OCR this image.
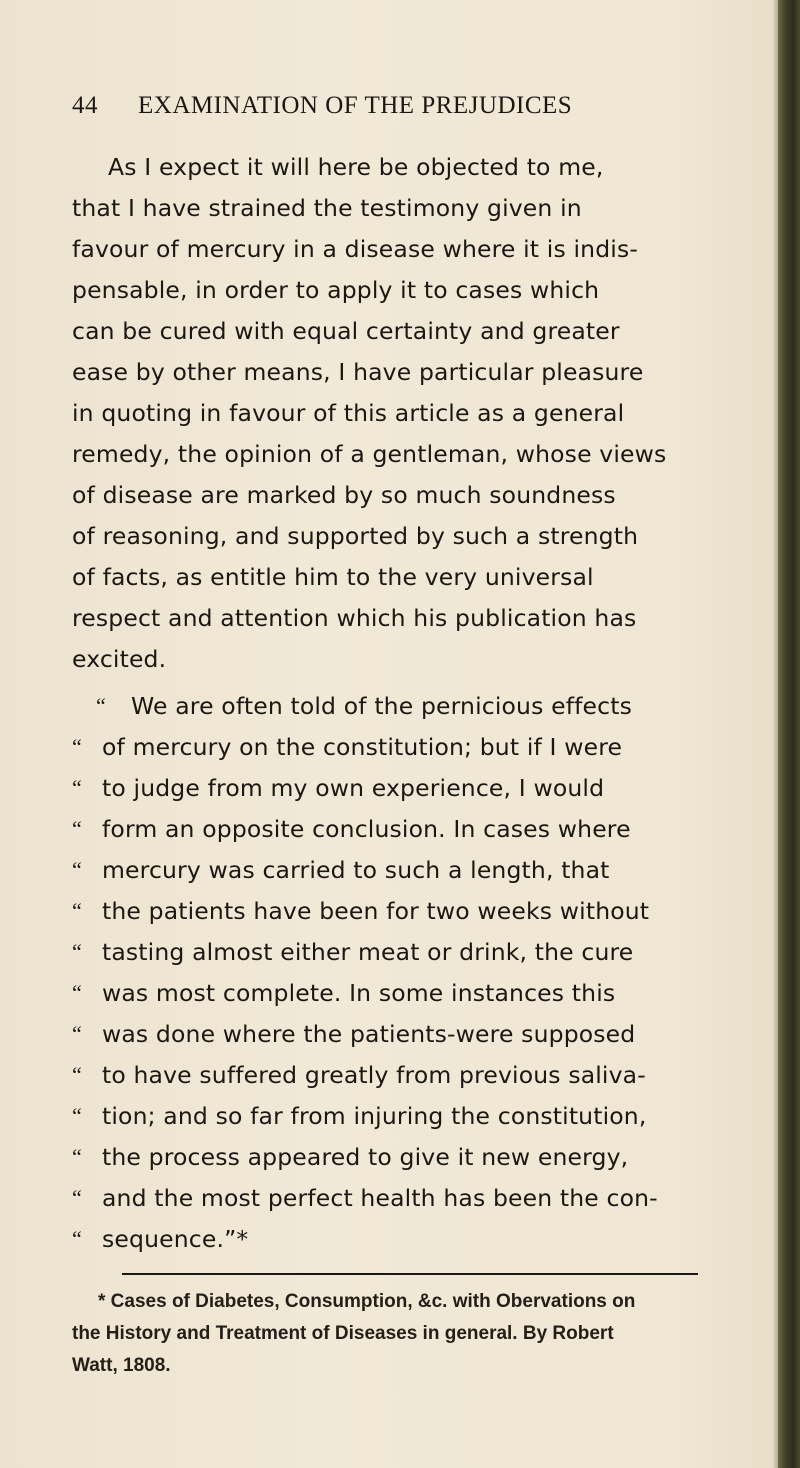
44 EXAMINATION OF THE PREJUDICES
As I expect it will here be objected to me,
that I have strained the testimony given in
favour of mercury in a disease where it is indis-
pensable, in order to apply it to cases which
can be cured with equal certainty and greater
ease by other means, I have particular pleasure
in quoting in favour of this article as a general
remedy, the opinion of a gentleman, whose views
of disease are marked by so much soundness
of reasoning, and supported by such a strength
of facts, as entitle him to the very universal
respect and attention which his publication has
excited.
“ We are often told of the pernicious effects
“ of mercury on the constitution; but if I were
“ to judge from my own experience, I would
“ form an opposite conclusion. In cases where
“ mercury was carried to such a length, that
“ the patients have been for two weeks without
“ tasting almost either meat or drink, the cure
“ was most complete. In some instances this
“ was done where the patients-were supposed
“ to have suffered greatly from previous saliva-
“ tion; and so far from injuring the constitution,
“ the process appeared to give it new energy,
“ and the most perfect health has been the con-
“ sequence.”*
* Cases of Diabetes, Consumption, &c. with Obervations on
the History and Treatment of Diseases in general. By Robert
Watt, 1808.
